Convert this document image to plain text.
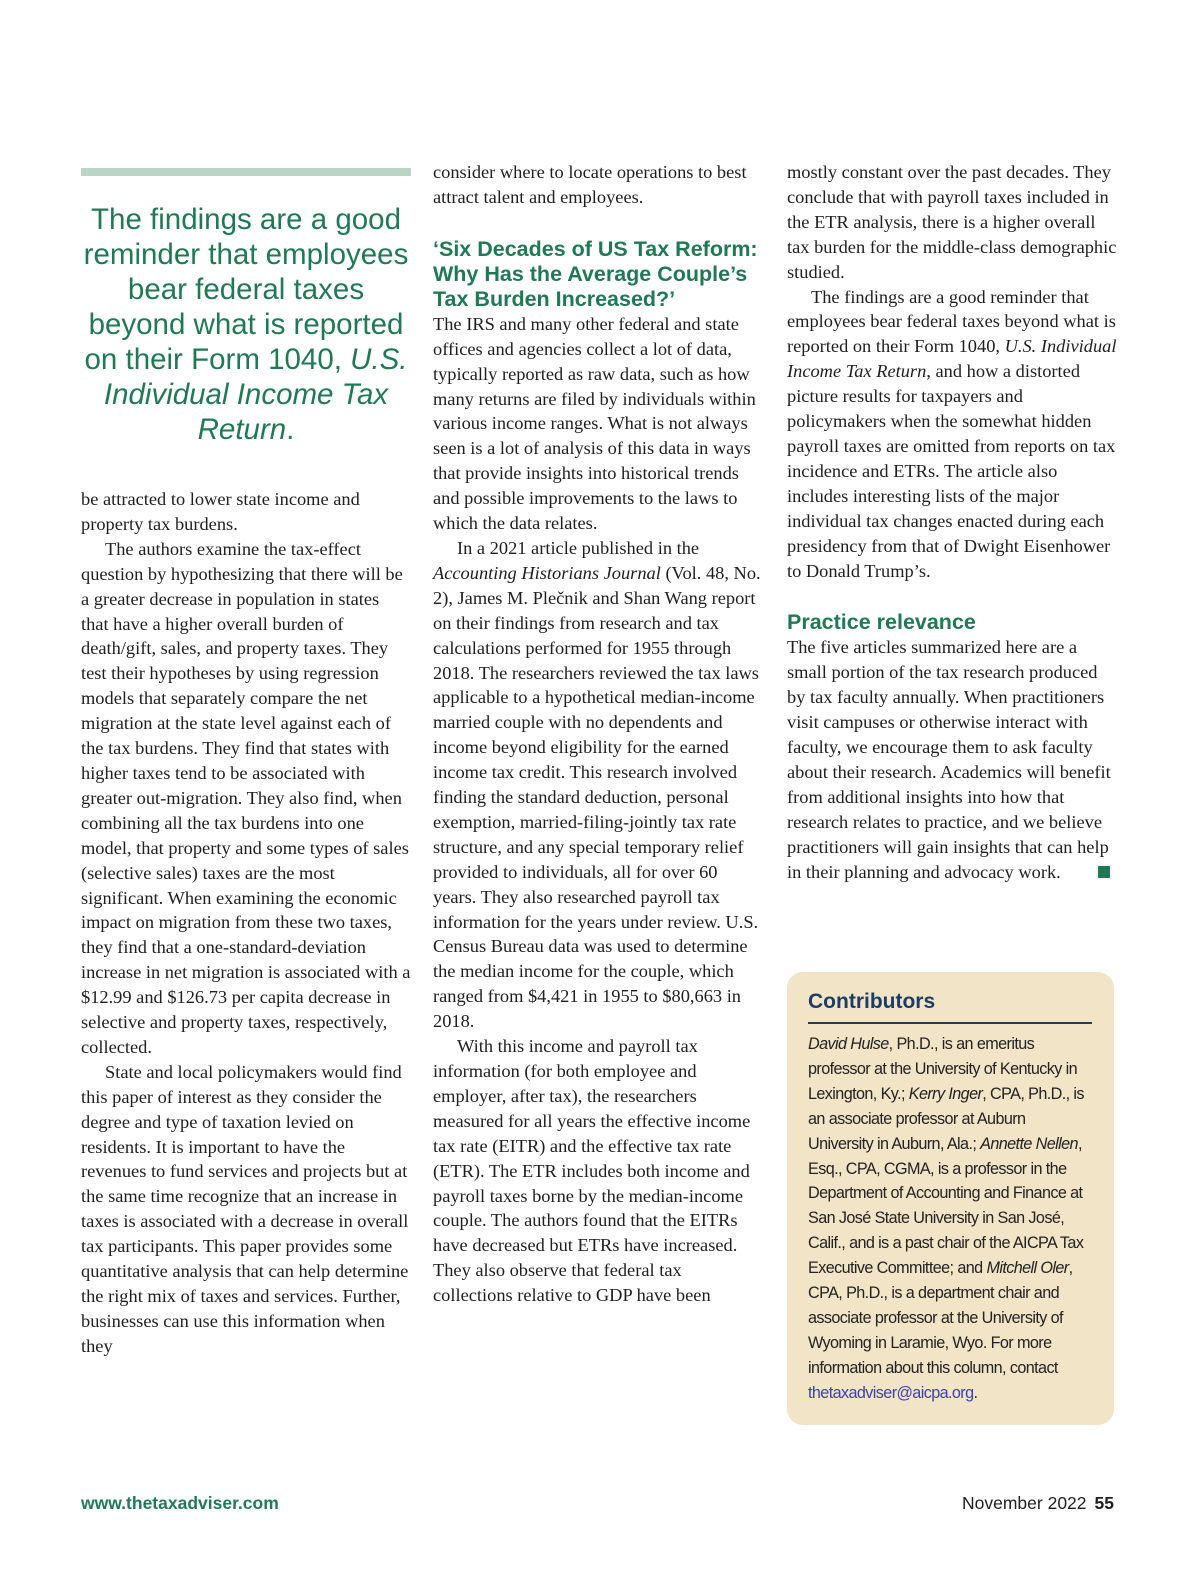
The findings are a good reminder that employees bear federal taxes beyond what is reported on their Form 1040, U.S. Individual Income Tax Return.

be attracted to lower state income and property tax burdens.

The authors examine the tax-effect question by hypothesizing that there will be a greater decrease in population in states that have a higher overall burden of death/gift, sales, and property taxes. They test their hypotheses by using regression models that separately compare the net migration at the state level against each of the tax burdens. They find that states with higher taxes tend to be associated with greater out-migration. They also find, when combining all the tax burdens into one model, that property and some types of sales (selective sales) taxes are the most significant. When examining the economic impact on migration from these two taxes, they find that a one-standard-deviation increase in net migration is associated with a $12.99 and $126.73 per capita decrease in selective and property taxes, respectively, collected.

State and local policymakers would find this paper of interest as they consider the degree and type of taxation levied on residents. It is important to have the revenues to fund services and projects but at the same time recognize that an increase in taxes is associated with a decrease in overall tax participants. This paper provides some quantitative analysis that can help determine the right mix of taxes and services. Further, businesses can use this information when they

consider where to locate operations to best attract talent and employees.

‘Six Decades of US Tax Reform: Why Has the Average Couple’s Tax Burden Increased?’

The IRS and many other federal and state offices and agencies collect a lot of data, typically reported as raw data, such as how many returns are filed by individuals within various income ranges. What is not always seen is a lot of analysis of this data in ways that provide insights into historical trends and possible improvements to the laws to which the data relates.

In a 2021 article published in the Accounting Historians Journal (Vol. 48, No. 2), James M. Plečnik and Shan Wang report on their findings from research and tax calculations performed for 1955 through 2018. The researchers reviewed the tax laws applicable to a hypothetical median-income married couple with no dependents and income beyond eligibility for the earned income tax credit. This research involved finding the standard deduction, personal exemption, married-filing-jointly tax rate structure, and any special temporary relief provided to individuals, all for over 60 years. They also researched payroll tax information for the years under review. U.S. Census Bureau data was used to determine the median income for the couple, which ranged from $4,421 in 1955 to $80,663 in 2018.

With this income and payroll tax information (for both employee and employer, after tax), the researchers measured for all years the effective income tax rate (EITR) and the effective tax rate (ETR). The ETR includes both income and payroll taxes borne by the median-income couple. The authors found that the EITRs have decreased but ETRs have increased. They also observe that federal tax collections relative to GDP have been

mostly constant over the past decades. They conclude that with payroll taxes included in the ETR analysis, there is a higher overall tax burden for the middle-class demographic studied.

The findings are a good reminder that employees bear federal taxes beyond what is reported on their Form 1040, U.S. Individual Income Tax Return, and how a distorted picture results for taxpayers and policymakers when the somewhat hidden payroll taxes are omitted from reports on tax incidence and ETRs. The article also includes interesting lists of the major individual tax changes enacted during each presidency from that of Dwight Eisenhower to Donald Trump’s.

Practice relevance

The five articles summarized here are a small portion of the tax research produced by tax faculty annually. When practitioners visit campuses or otherwise interact with faculty, we encourage them to ask faculty about their research. Academics will benefit from additional insights into how that research relates to practice, and we believe practitioners will gain insights that can help in their planning and advocacy work.

Contributors

David Hulse, Ph.D., is an emeritus professor at the University of Kentucky in Lexington, Ky.; Kerry Inger, CPA, Ph.D., is an associate professor at Auburn University in Auburn, Ala.; Annette Nellen, Esq., CPA, CGMA, is a professor in the Department of Accounting and Finance at San José State University in San José, Calif., and is a past chair of the AICPA Tax Executive Committee; and Mitchell Oler, CPA, Ph.D., is a department chair and associate professor at the University of Wyoming in Laramie, Wyo. For more information about this column, contact thetaxadviser@aicpa.org.

www.thetaxadviser.com	November 2022 55
